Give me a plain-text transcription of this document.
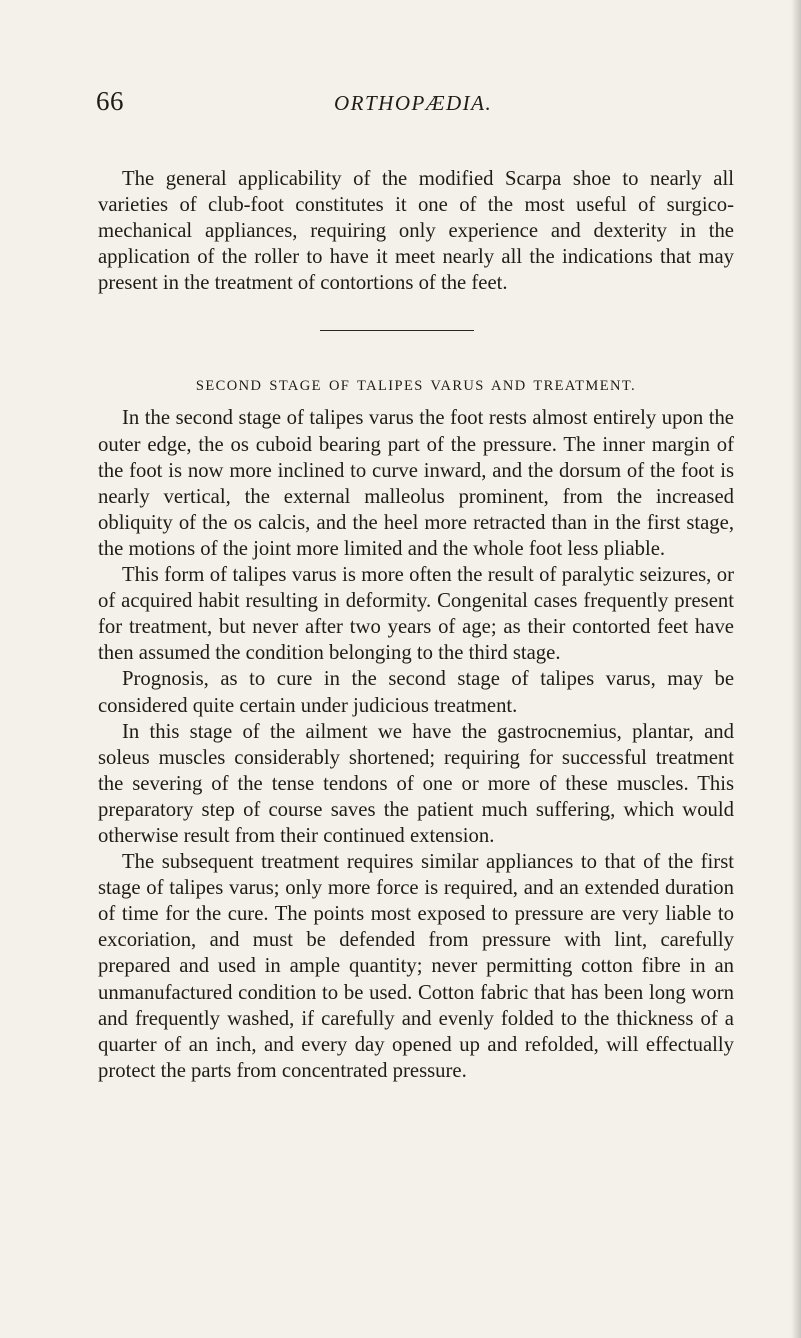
66	ORTHOPÆDIA.

The general applicability of the modified Scarpa shoe to nearly all varieties of club-foot constitutes it one of the most useful of surgico-mechanical appliances, requiring only experience and dexterity in the application of the roller to have it meet nearly all the indications that may present in the treatment of contortions of the feet.

SECOND STAGE OF TALIPES VARUS AND TREATMENT.

In the second stage of talipes varus the foot rests almost entirely upon the outer edge, the os cuboid bearing part of the pressure. The inner margin of the foot is now more inclined to curve inward, and the dorsum of the foot is nearly vertical, the external malleolus prominent, from the increased obliquity of the os calcis, and the heel more retracted than in the first stage, the motions of the joint more limited and the whole foot less pliable.

This form of talipes varus is more often the result of paralytic seizures, or of acquired habit resulting in deformity. Congenital cases frequently present for treatment, but never after two years of age; as their contorted feet have then assumed the condition belonging to the third stage.

Prognosis, as to cure in the second stage of talipes varus, may be considered quite certain under judicious treatment.

In this stage of the ailment we have the gastrocnemius, plantar, and soleus muscles considerably shortened; requiring for successful treatment the severing of the tense tendons of one or more of these muscles. This preparatory step of course saves the patient much suffering, which would otherwise result from their continued extension.

The subsequent treatment requires similar appliances to that of the first stage of talipes varus; only more force is required, and an extended duration of time for the cure. The points most exposed to pressure are very liable to excoriation, and must be defended from pressure with lint, carefully prepared and used in ample quantity; never permitting cotton fibre in an unmanufactured condition to be used. Cotton fabric that has been long worn and frequently washed, if carefully and evenly folded to the thickness of a quarter of an inch, and every day opened up and refolded, will effectually protect the parts from concentrated pressure.
